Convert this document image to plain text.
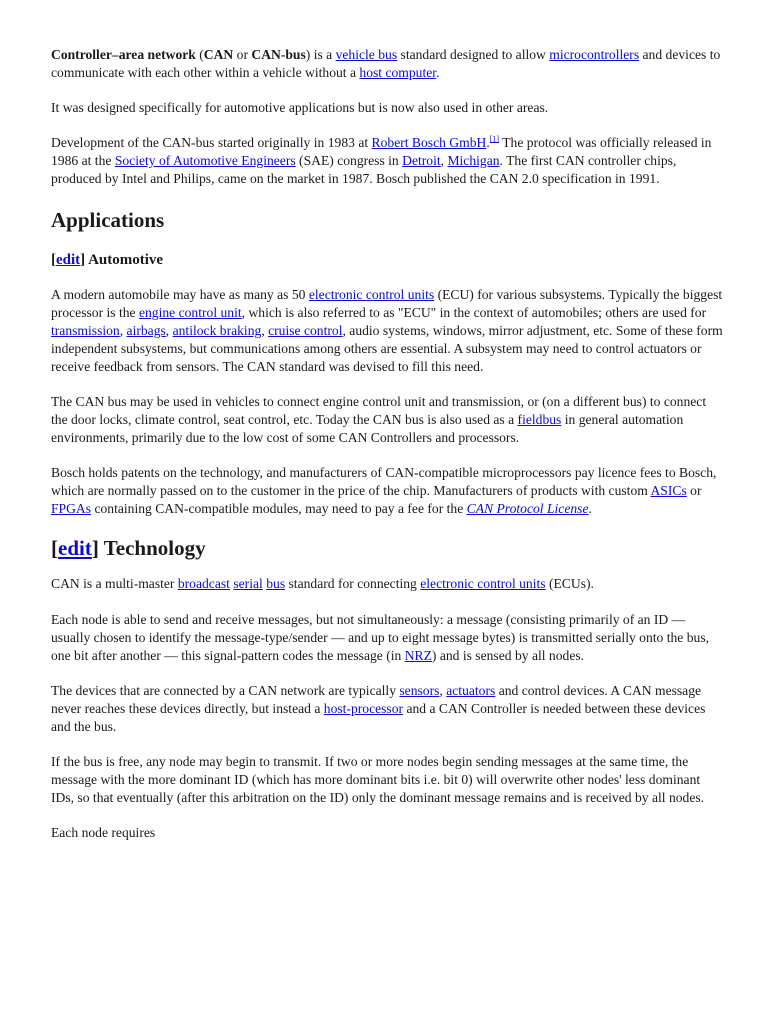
Controller–area network (CAN or CAN-bus) is a vehicle bus standard designed to allow microcontrollers and devices to communicate with each other within a vehicle without a host computer.

It was designed specifically for automotive applications but is now also used in other areas.

Development of the CAN-bus started originally in 1983 at Robert Bosch GmbH.[1] The protocol was officially released in 1986 at the Society of Automotive Engineers (SAE) congress in Detroit, Michigan. The first CAN controller chips, produced by Intel and Philips, came on the market in 1987. Bosch published the CAN 2.0 specification in 1991.

Applications
[edit] Automotive

A modern automobile may have as many as 50 electronic control units (ECU) for various subsystems. Typically the biggest processor is the engine control unit, which is also referred to as "ECU" in the context of automobiles; others are used for transmission, airbags, antilock braking, cruise control, audio systems, windows, mirror adjustment, etc. Some of these form independent subsystems, but communications among others are essential. A subsystem may need to control actuators or receive feedback from sensors. The CAN standard was devised to fill this need.

The CAN bus may be used in vehicles to connect engine control unit and transmission, or (on a different bus) to connect the door locks, climate control, seat control, etc. Today the CAN bus is also used as a fieldbus in general automation environments, primarily due to the low cost of some CAN Controllers and processors.

Bosch holds patents on the technology, and manufacturers of CAN-compatible microprocessors pay licence fees to Bosch, which are normally passed on to the customer in the price of the chip. Manufacturers of products with custom ASICs or FPGAs containing CAN-compatible modules, may need to pay a fee for the CAN Protocol License.

[edit] Technology

CAN is a multi-master broadcast serial bus standard for connecting electronic control units (ECUs).

Each node is able to send and receive messages, but not simultaneously: a message (consisting primarily of an ID — usually chosen to identify the message-type/sender — and up to eight message bytes) is transmitted serially onto the bus, one bit after another — this signal-pattern codes the message (in NRZ) and is sensed by all nodes.

The devices that are connected by a CAN network are typically sensors, actuators and control devices. A CAN message never reaches these devices directly, but instead a host-processor and a CAN Controller is needed between these devices and the bus.

If the bus is free, any node may begin to transmit. If two or more nodes begin sending messages at the same time, the message with the more dominant ID (which has more dominant bits i.e. bit 0) will overwrite other nodes' less dominant IDs, so that eventually (after this arbitration on the ID) only the dominant message remains and is received by all nodes.

Each node requires
